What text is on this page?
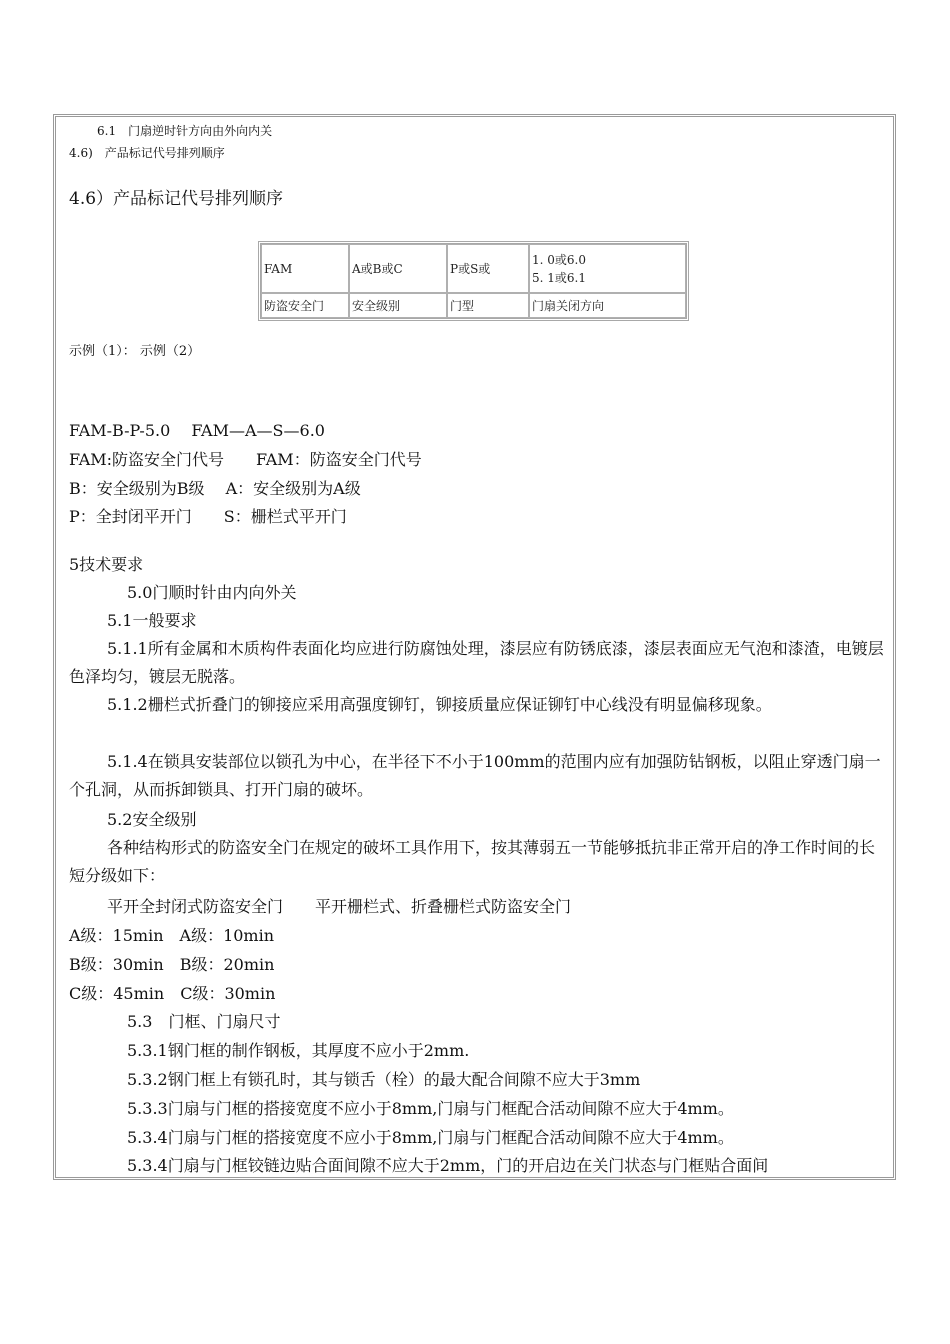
6.1　门扇逆时针方向由外向内关
4.6)　产品标记代号排列顺序
4.6）产品标记代号排列顺序
FAM	A或B或C	P或S或	1. 0或6.0
5. 1或6.1

防盗安全门	安全级别	门型	门扇关闭方向
示例（1）： 示例（2）
FAM-B-P-5.0　 FAM—A—S—6.0
FAM:防盗安全门代号　　FAM：防盗安全门代号
B：安全级别为B级　 A：安全级别为A级
P：全封闭平开门　　S：栅栏式平开门
5技术要求
5.0门顺时针由内向外关
5.1一般要求
5.1.1所有金属和木质构件表面化均应进行防腐蚀处理，漆层应有防锈底漆，漆层表面应无气泡和漆渣，电镀层色泽均匀，镀层无脱落。
5.1.2栅栏式折叠门的铆接应采用高强度铆钉，铆接质量应保证铆钉中心线没有明显偏移现象。
5.1.4在锁具安装部位以锁孔为中心，在半径下不小于100mm的范围内应有加强防钻钢板，以阻止穿透门扇一个孔洞，从而拆卸锁具、打开门扇的破坏。
5.2安全级别
各种结构形式的防盗安全门在规定的破坏工具作用下，按其薄弱五一节能够抵抗非正常开启的净工作时间的长短分级如下：
平开全封闭式防盗安全门　　平开栅栏式、折叠栅栏式防盗安全门
A级：15min　A级：10min
B级：30min　B级：20min
C级：45min　C级：30min
5.3　门框、门扇尺寸
5.3.1钢门框的制作钢板，其厚度不应小于2mm.
5.3.2钢门框上有锁孔时，其与锁舌（栓）的最大配合间隙不应大于3mm
5.3.3门扇与门框的搭接宽度不应小于8mm,门扇与门框配合活动间隙不应大于4mm。
5.3.4门扇与门框的搭接宽度不应小于8mm,门扇与门框配合活动间隙不应大于4mm。
5.3.4门扇与门框铰链边贴合面间隙不应大于2mm，门的开启边在关门状态与门框贴合面间
